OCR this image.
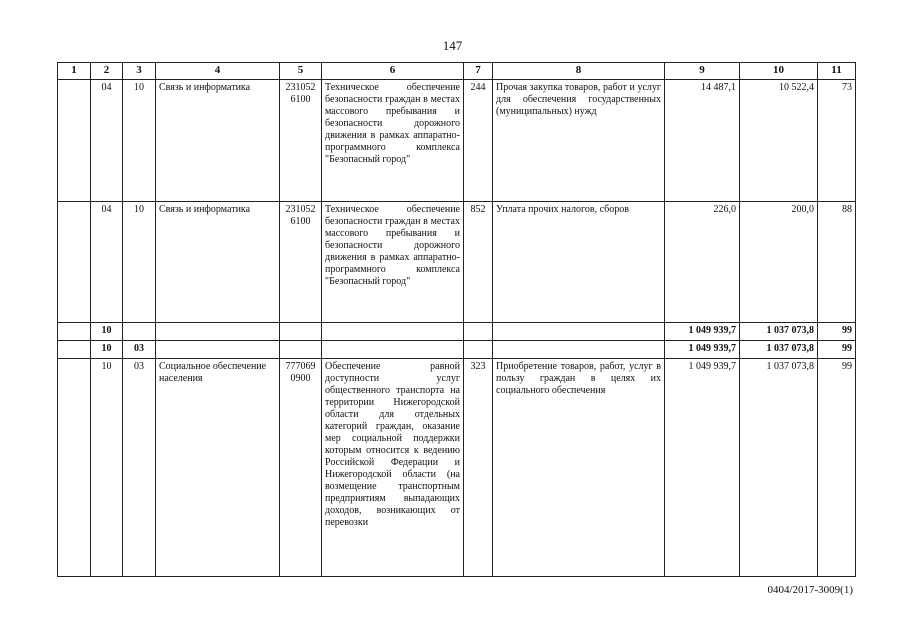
147
1	2	3	4	5	6	7	8	9	10	11
	04	10	Связь и информатика	231052 6100	Техническое обеспечение безопасности граждан в местах массового пребывания и безопасности дорожного движения в рамках аппаратно-программного комплекса "Безопасный город"	244	Прочая закупка товаров, работ и услуг для обеспечения государственных (муниципальных) нужд	14 487,1	10 522,4	73
	04	10	Связь и информатика	231052 6100	Техническое обеспечение безопасности граждан в местах массового пребывания и безопасности дорожного движения в рамках аппаратно-программного комплекса "Безопасный город"	852	Уплата прочих налогов, сборов	226,0	200,0	88
	10							1 049 939,7	1 037 073,8	99
	10	03						1 049 939,7	1 037 073,8	99
	10	03	Социальное обеспечение населения	777069 0900	Обеспечение равной доступности услуг общественного транспорта на территории Нижегородской области для отдельных категорий граждан, оказание мер социальной поддержки которым относится к ведению Российской Федерации и Нижегородской области (на возмещение транспортным предприятиям выпадающих доходов, возникающих от перевозки	323	Приобретение товаров, работ, услуг в пользу граждан в целях их социального обеспечения	1 049 939,7	1 037 073,8	99
0404/2017-3009(1)
